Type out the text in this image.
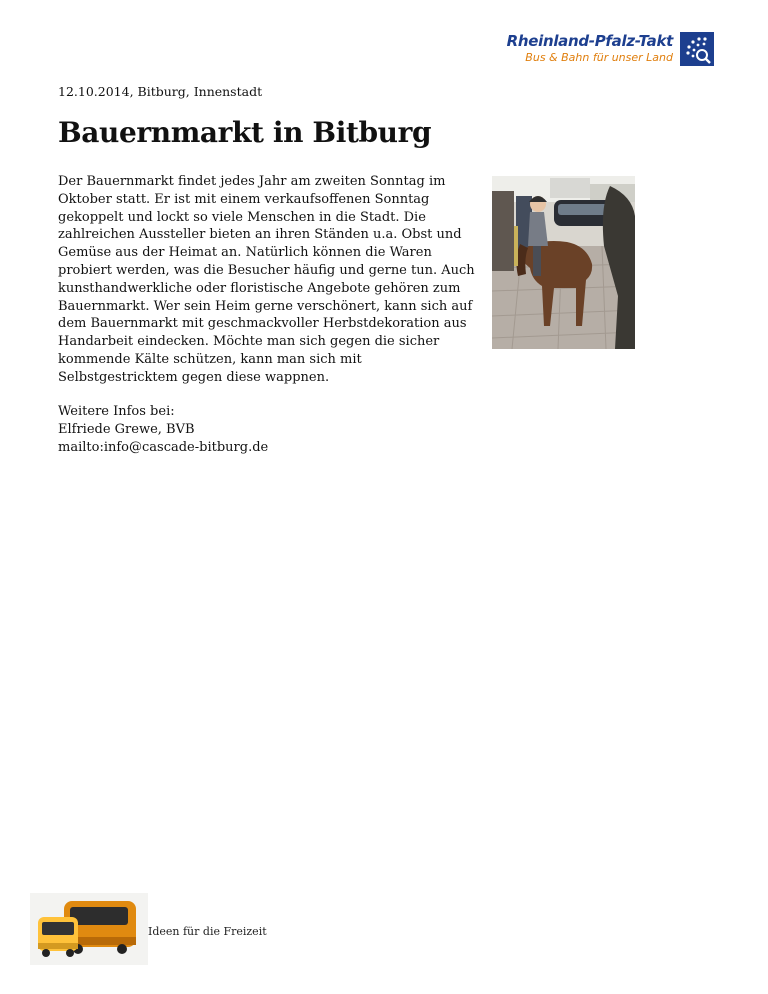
Rheinland-Pfalz-Takt
Bus & Bahn für unser Land
12.10.2014, Bitburg, Innenstadt
Bauernmarkt in Bitburg

Der Bauernmarkt findet jedes Jahr am zweiten Sonntag im Oktober statt. Er ist mit einem verkaufsoffenen Sonntag gekoppelt und lockt so viele Menschen in die Stadt. Die zahlreichen Aussteller bieten an ihren Ständen u.a. Obst und Gemüse aus der Heimat an. Natürlich können die Waren probiert werden, was die Besucher häufig und gerne tun. Auch kunsthandwerkliche oder floristische Angebote gehören zum Bauernmarkt. Wer sein Heim gerne verschönert, kann sich auf dem Bauernmarkt mit geschmackvoller Herbstdekoration aus Handarbeit eindecken. Möchte man sich gegen die sicher kommende Kälte schützen, kann man sich mit Selbstgestricktem gegen diese wappnen.

Weitere Infos bei:
Elfriede Grewe, BVB
mailto:info@cascade-bitburg.de
Ideen für die Freizeit
